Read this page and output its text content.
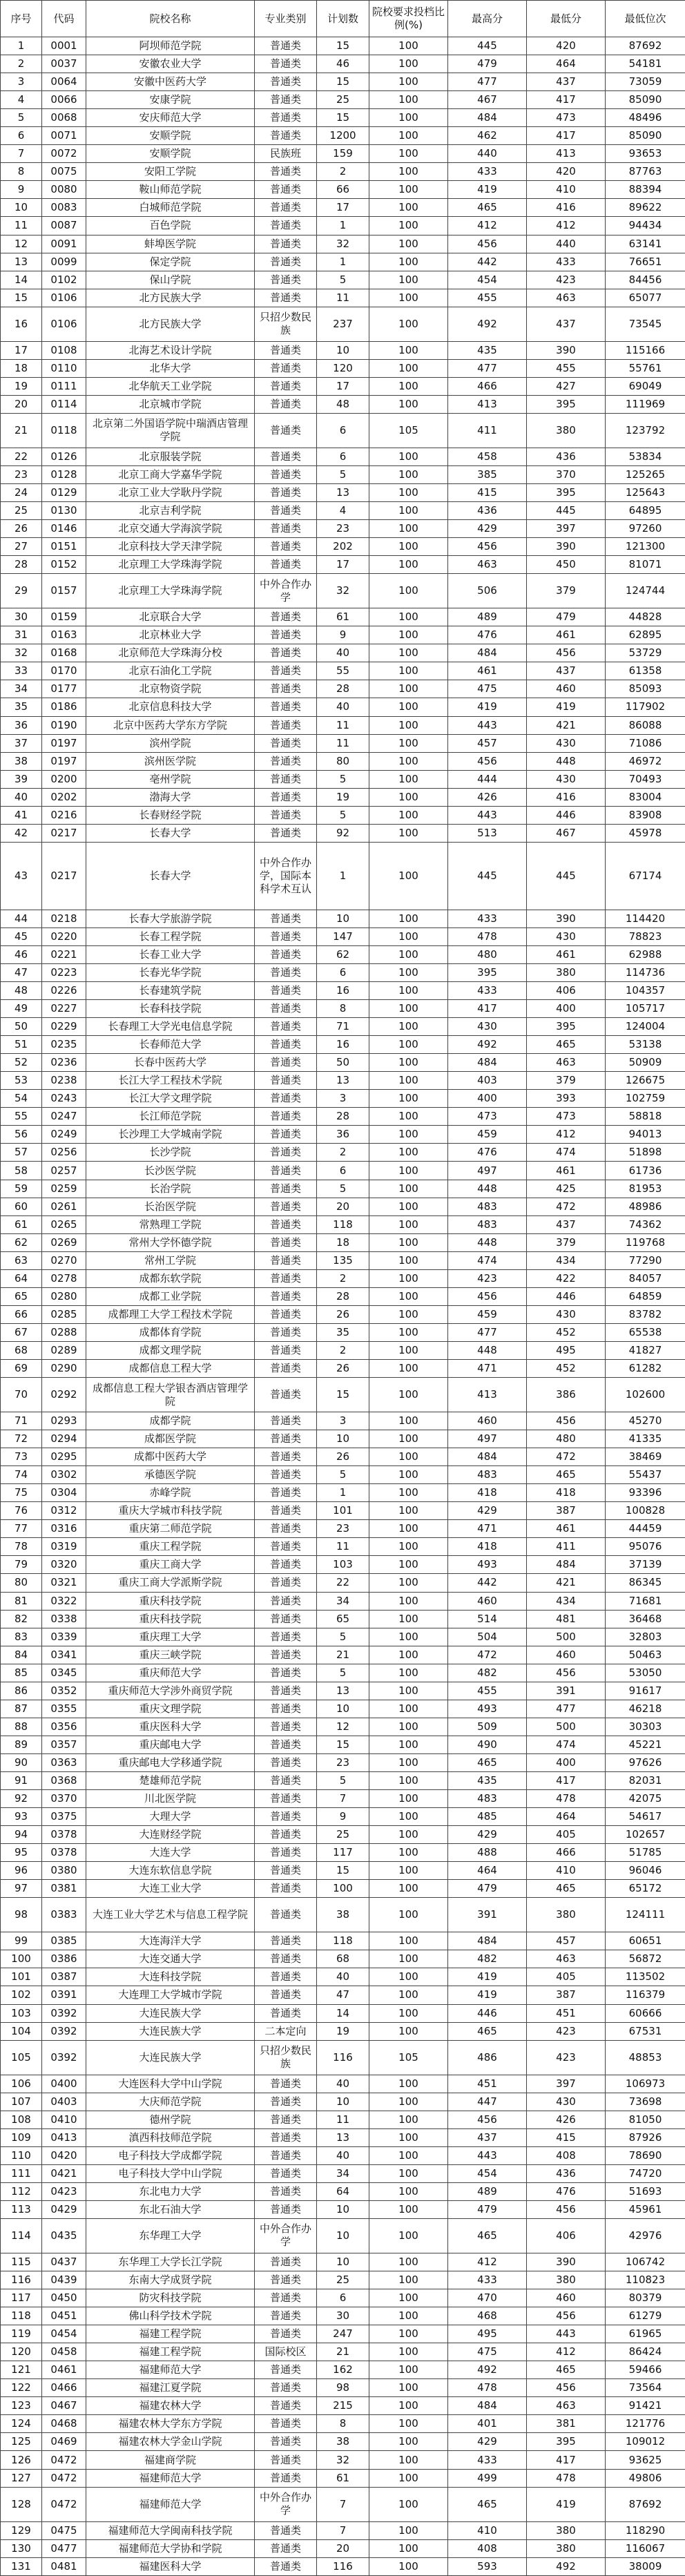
序号	代码	院校名称	专业类别	计划数	院校要求投档比例(%)	最高分	最低分	最低位次
1	0001	阿坝师范学院	普通类	15	100	445	420	87692
2	0037	安徽农业大学	普通类	46	100	479	464	54181
3	0064	安徽中医药大学	普通类	15	100	477	437	73059
4	0066	安康学院	普通类	25	100	467	417	85090
5	0068	安庆师范大学	普通类	15	100	484	473	48496
6	0071	安顺学院	普通类	1200	100	462	417	85090
7	0072	安顺学院	民族班	159	100	440	413	93653
8	0075	安阳工学院	普通类	2	100	433	420	87763
9	0080	鞍山师范学院	普通类	66	100	419	410	88394
10	0083	白城师范学院	普通类	17	100	465	416	89622
11	0087	百色学院	普通类	1	100	412	412	94434
12	0091	蚌埠医学院	普通类	32	100	456	440	63141
13	0099	保定学院	普通类	1	100	442	433	76651
14	0102	保山学院	普通类	5	100	454	423	84456
15	0106	北方民族大学	普通类	11	100	455	463	65077
16	0106	北方民族大学	只招少数民族	237	100	492	437	73545
17	0108	北海艺术设计学院	普通类	10	100	435	390	115166
18	0110	北华大学	普通类	120	100	477	455	55761
19	0111	北华航天工业学院	普通类	17	100	466	427	69049
20	0114	北京城市学院	普通类	48	100	413	395	111969
21	0118	北京第二外国语学院中瑞酒店管理学院	普通类	6	105	411	380	123792
22	0126	北京服装学院	普通类	6	100	458	436	53834
23	0128	北京工商大学嘉华学院	普通类	5	100	385	370	125265
24	0129	北京工业大学耿丹学院	普通类	13	100	415	395	125643
25	0130	北京吉利学院	普通类	4	100	436	445	64895
26	0146	北京交通大学海滨学院	普通类	23	100	429	397	97260
27	0151	北京科技大学天津学院	普通类	202	100	456	390	121300
28	0152	北京理工大学珠海学院	普通类	17	100	463	450	81071
29	0157	北京理工大学珠海学院	中外合作办学	32	100	506	379	124744
30	0159	北京联合大学	普通类	61	100	489	479	44828
31	0163	北京林业大学	普通类	9	100	476	461	62895
32	0168	北京师范大学珠海分校	普通类	40	100	484	456	53729
33	0170	北京石油化工学院	普通类	55	100	461	437	61358
34	0177	北京物资学院	普通类	28	100	475	460	85093
35	0186	北京信息科技大学	普通类	40	100	419	419	117902
36	0190	北京中医药大学东方学院	普通类	11	100	443	421	86088
37	0197	滨州学院	普通类	11	100	457	430	71086
38	0197	滨州医学院	普通类	80	100	456	448	46972
39	0200	亳州学院	普通类	5	100	444	430	70493
40	0202	渤海大学	普通类	19	100	426	416	83004
41	0216	长春财经学院	普通类	5	100	443	446	83908
42	0217	长春大学	普通类	92	100	513	467	45978
43	0217	长春大学	中外合作办学，国际本科学术互认	1	100	445	445	67174
44	0218	长春大学旅游学院	普通类	10	100	433	390	114420
45	0220	长春工程学院	普通类	147	100	478	430	78823
46	0221	长春工业大学	普通类	62	100	480	461	62988
47	0223	长春光华学院	普通类	6	100	395	380	114736
48	0226	长春建筑学院	普通类	16	100	433	406	104357
49	0227	长春科技学院	普通类	8	100	417	400	105717
50	0229	长春理工大学光电信息学院	普通类	71	100	430	395	124004
51	0235	长春师范大学	普通类	16	100	492	465	53138
52	0236	长春中医药大学	普通类	50	100	484	463	50909
53	0238	长江大学工程技术学院	普通类	13	100	403	379	126675
54	0243	长江大学文理学院	普通类	3	100	400	393	102759
55	0247	长江师范学院	普通类	28	100	473	473	58818
56	0249	长沙理工大学城南学院	普通类	36	100	459	412	94013
57	0256	长沙学院	普通类	2	100	476	474	51898
58	0257	长沙医学院	普通类	6	100	497	461	61736
59	0259	长治学院	普通类	5	100	448	425	81953
60	0261	长治医学院	普通类	20	100	483	472	48986
61	0265	常熟理工学院	普通类	118	100	483	437	74362
62	0269	常州大学怀德学院	普通类	18	100	448	379	119768
63	0270	常州工学院	普通类	135	100	474	434	77290
64	0278	成都东软学院	普通类	2	100	423	422	84057
65	0280	成都工业学院	普通类	28	100	456	446	64859
66	0285	成都理工大学工程技术学院	普通类	26	100	459	430	83782
67	0288	成都体育学院	普通类	35	100	477	452	65538
68	0289	成都文理学院	普通类	2	100	448	495	41827
69	0290	成都信息工程大学	普通类	26	100	471	452	61282
70	0292	成都信息工程大学银杏酒店管理学院	普通类	15	100	413	386	102600
71	0293	成都学院	普通类	3	100	460	456	45270
72	0294	成都医学院	普通类	10	100	497	480	41335
73	0295	成都中医药大学	普通类	26	100	484	472	38469
74	0302	承德医学院	普通类	5	100	483	465	55437
75	0304	赤峰学院	普通类	1	100	418	418	93396
76	0312	重庆大学城市科技学院	普通类	101	100	429	387	100828
77	0316	重庆第二师范学院	普通类	23	100	471	461	44459
78	0319	重庆工程学院	普通类	11	100	418	411	95076
79	0320	重庆工商大学	普通类	103	100	493	484	37139
80	0321	重庆工商大学派斯学院	普通类	22	100	442	421	86345
81	0322	重庆科技学院	普通类	34	100	460	434	71681
82	0338	重庆科技学院	普通类	65	100	514	481	36468
83	0339	重庆理工大学	普通类	5	100	504	500	32803
84	0341	重庆三峡学院	普通类	21	100	472	460	50463
85	0345	重庆师范大学	普通类	5	100	482	456	53050
86	0352	重庆师范大学涉外商贸学院	普通类	13	100	455	391	91617
87	0355	重庆文理学院	普通类	10	100	493	477	46218
88	0356	重庆医科大学	普通类	12	100	509	500	30303
89	0357	重庆邮电大学	普通类	15	100	490	474	45221
90	0363	重庆邮电大学移通学院	普通类	23	100	465	400	97626
91	0368	楚雄师范学院	普通类	5	100	435	417	82031
92	0370	川北医学院	普通类	7	100	483	478	42075
93	0375	大理大学	普通类	9	100	485	464	54617
94	0378	大连财经学院	普通类	25	100	429	405	102657
95	0378	大连大学	普通类	117	100	488	466	51785
96	0380	大连东软信息学院	普通类	15	100	464	410	96046
97	0381	大连工业大学	普通类	100	100	479	465	65172
98	0383	大连工业大学艺术与信息工程学院	普通类	38	100	391	380	124111
99	0385	大连海洋大学	普通类	118	100	484	457	60651
100	0386	大连交通大学	普通类	68	100	482	463	56872
101	0387	大连科技学院	普通类	40	100	419	405	113502
102	0391	大连理工大学城市学院	普通类	47	100	419	387	116379
103	0392	大连民族大学	普通类	14	100	446	451	60666
104	0392	大连民族大学	二本定向	19	100	465	423	67531
105	0392	大连民族大学	只招少数民族	116	105	486	423	48853
106	0400	大连医科大学中山学院	普通类	40	100	451	397	106973
107	0403	大庆师范学院	普通类	10	100	447	430	73698
108	0410	德州学院	普通类	11	100	456	426	81050
109	0413	滇西科技师范学院	普通类	13	100	437	415	87926
110	0420	电子科技大学成都学院	普通类	40	100	443	408	78690
111	0421	电子科技大学中山学院	普通类	34	100	454	436	74720
112	0423	东北电力大学	普通类	64	100	489	476	51693
113	0429	东北石油大学	普通类	10	100	479	456	45961
114	0435	东华理工大学	中外合作办学	10	100	465	406	42976
115	0437	东华理工大学长江学院	普通类	10	100	412	390	106742
116	0439	东南大学成贤学院	普通类	25	100	433	380	110823
117	0450	防灾科技学院	普通类	6	100	470	460	80379
118	0451	佛山科学技术学院	普通类	30	100	468	456	61279
119	0454	福建工程学院	普通类	247	100	495	443	61965
120	0458	福建工程学院	国际校区	21	100	475	412	86424
121	0461	福建师范大学	普通类	162	100	492	465	59466
122	0466	福建江夏学院	普通类	98	100	478	456	73564
123	0467	福建农林大学	普通类	215	100	484	463	91421
124	0468	福建农林大学东方学院	普通类	8	100	401	381	121776
125	0469	福建农林大学金山学院	普通类	38	100	429	395	109012
126	0472	福建商学院	普通类	32	100	433	417	93625
127	0472	福建师范大学	普通类	61	100	499	478	49806
128	0472	福建师范大学	中外合作办学	7	100	465	419	87692
129	0475	福建师范大学闽南科技学院	普通类	7	100	410	380	118290
130	0477	福建师范大学协和学院	普通类	20	100	408	380	116067
131	0481	福建医科大学	普通类	116	100	593	492	38009
